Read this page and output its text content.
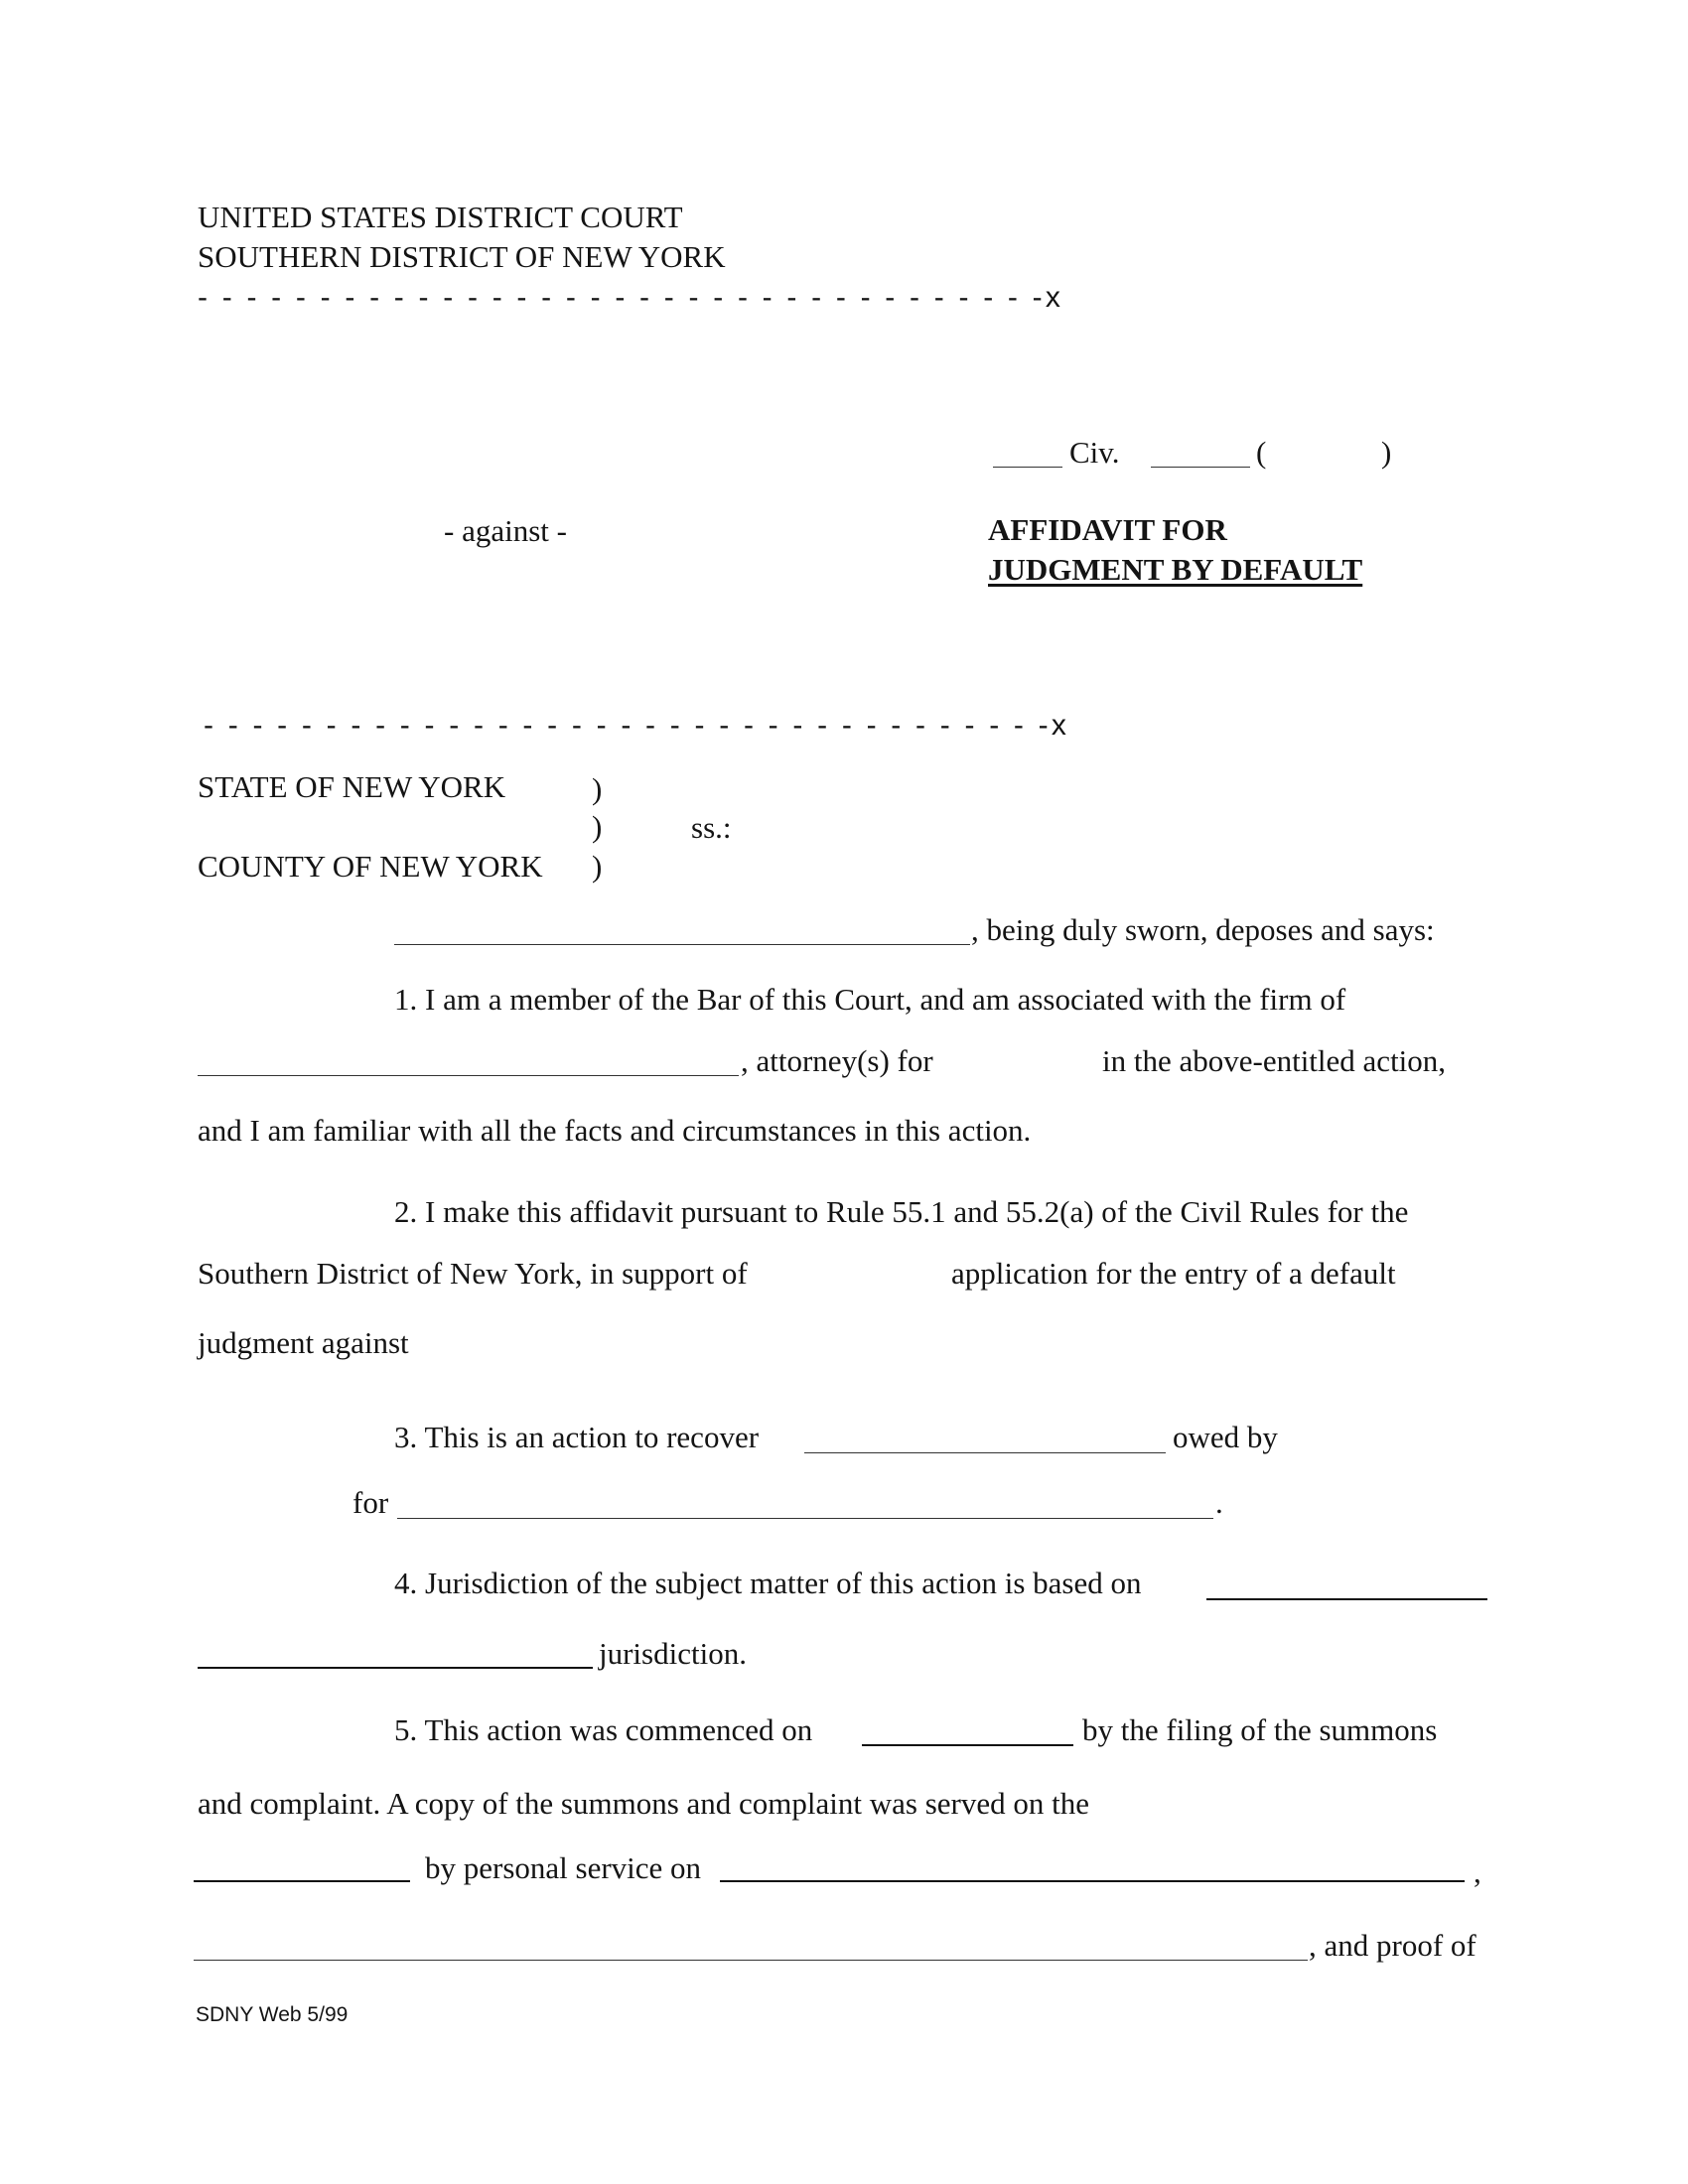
UNITED STATES DISTRICT COURT
SOUTHERN DISTRICT OF NEW YORK
- - - - - - - - - - - - - - - - - - - - - - - - - - - - - - - - - - -x
Civ.	(	)
- against -	AFFIDAVIT FOR
JUDGMENT BY DEFAULT
- - - - - - - - - - - - - - - - - - - - - - - - - - - - - - - - - - -x
STATE OF NEW YORK	)
)	ss.:
COUNTY OF NEW YORK )
, being duly sworn, deposes and says:
1. I am a member of the Bar of this Court, and am associated with the firm of
, attorney(s) for	in the above-entitled action,
and I am familiar with all the facts and circumstances in this action.
2. I make this affidavit pursuant to Rule 55.1 and 55.2(a) of the Civil Rules for the
Southern District of New York, in support of	application for the entry of a default
judgment against
3. This is an action to recover	owed by
for	.
4. Jurisdiction of the subject matter of this action is based on
jurisdiction.
5. This action was commenced on	by the filing of the summons
and complaint. A copy of the summons and complaint was served on the
by personal service on	,
, and proof of
SDNY Web 5/99
